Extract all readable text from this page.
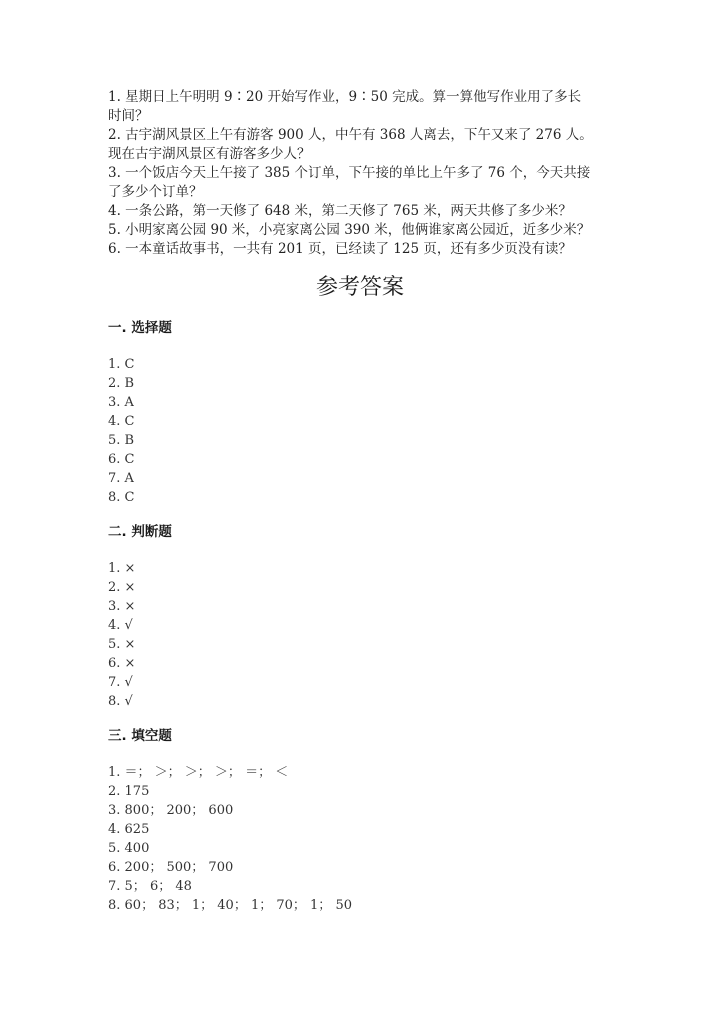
1. 星期日上午明明 9∶20 开始写作业，9∶50 完成。算一算他写作业用了多长
时间？
2. 古宇湖风景区上午有游客 900 人，中午有 368 人离去，下午又来了 276 人。
现在古宇湖风景区有游客多少人？
3. 一个饭店今天上午接了 385 个订单，下午接的单比上午多了 76 个，今天共接
了多少个订单？
4. 一条公路，第一天修了 648 米，第二天修了 765 米，两天共修了多少米？
5. 小明家离公园 90 米，小亮家离公园 390 米，他俩谁家离公园近，近多少米？
6. 一本童话故事书，一共有 201 页，已经读了 125 页，还有多少页没有读？
参考答案
一. 选择题
1. C
2. B
3. A
4. C
5. B
6. C
7. A
8. C
二. 判断题
1. ×
2. ×
3. ×
4. √
5. ×
6. ×
7. √
8. √
三. 填空题
1. ＝； ＞； ＞； ＞； ＝； ＜
2. 175
3. 800； 200； 600
4. 625
5. 400
6. 200； 500； 700
7. 5； 6； 48
8. 60； 83； 1； 40； 1； 70； 1； 50
